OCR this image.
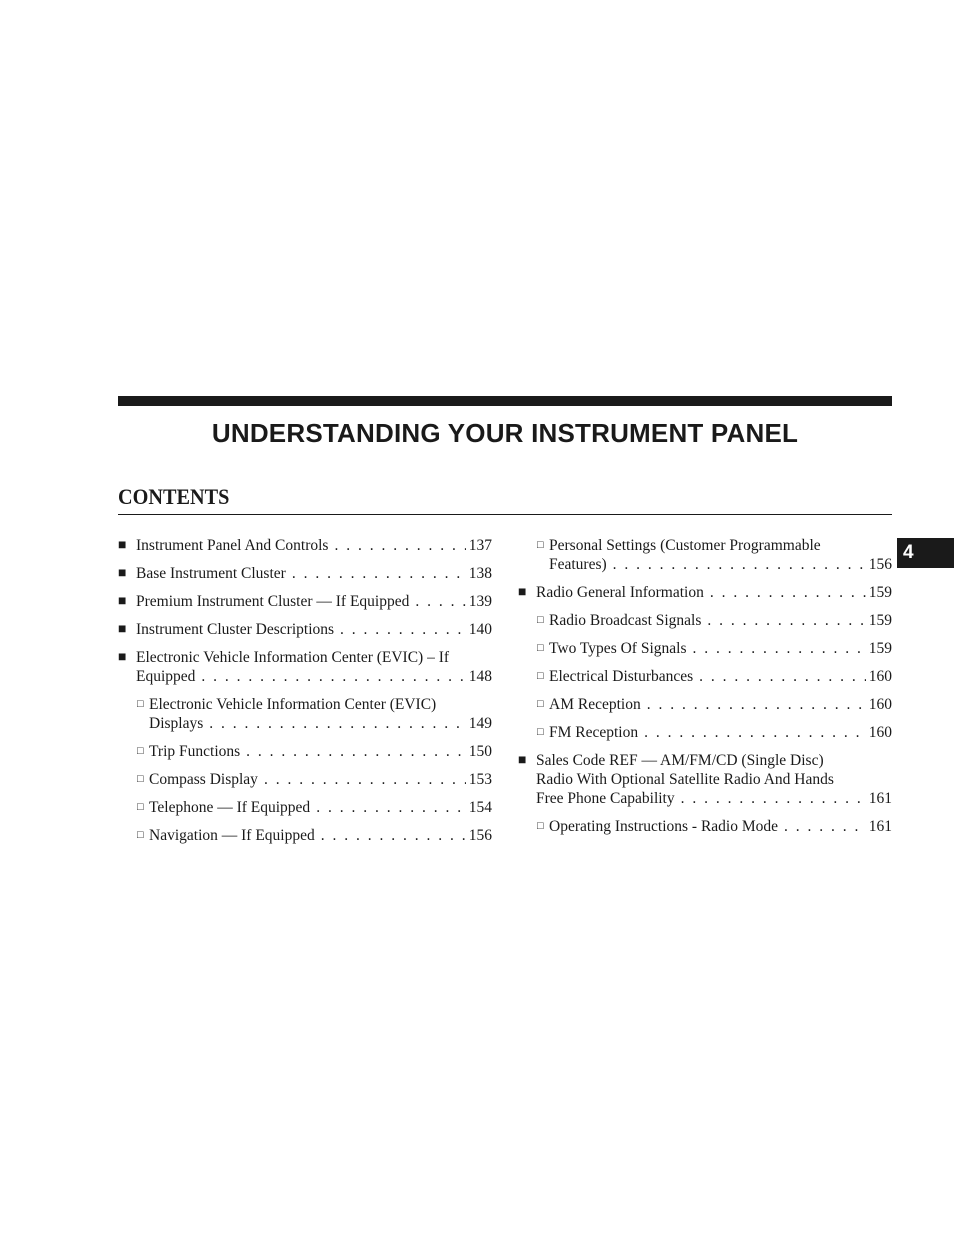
UNDERSTANDING YOUR INSTRUMENT PANEL
CONTENTS
4
■ Instrument Panel And Controls . . .	137
■ Base Instrument Cluster . . .	138
■ Premium Instrument Cluster — If Equipped . . .	139
■ Instrument Cluster Descriptions . . .	140
■ Electronic Vehicle Information Center (EVIC) – If
Equipped . . .	148
□ Electronic Vehicle Information Center (EVIC)
Displays . . .	149
□ Trip Functions . . .	150
□ Compass Display . . .	153
□ Telephone — If Equipped . . .	154
□ Navigation — If Equipped . . .	156
□ Personal Settings (Customer Programmable
Features) . . .	156
■ Radio General Information . . .	159
□ Radio Broadcast Signals . . .	159
□ Two Types Of Signals . . .	159
□ Electrical Disturbances . . .	160
□ AM Reception . . .	160
□ FM Reception . . .	160
■ Sales Code REF — AM/FM/CD (Single Disc)
Radio With Optional Satellite Radio And Hands
Free Phone Capability . . .	161
□ Operating Instructions - Radio Mode . . .	161
